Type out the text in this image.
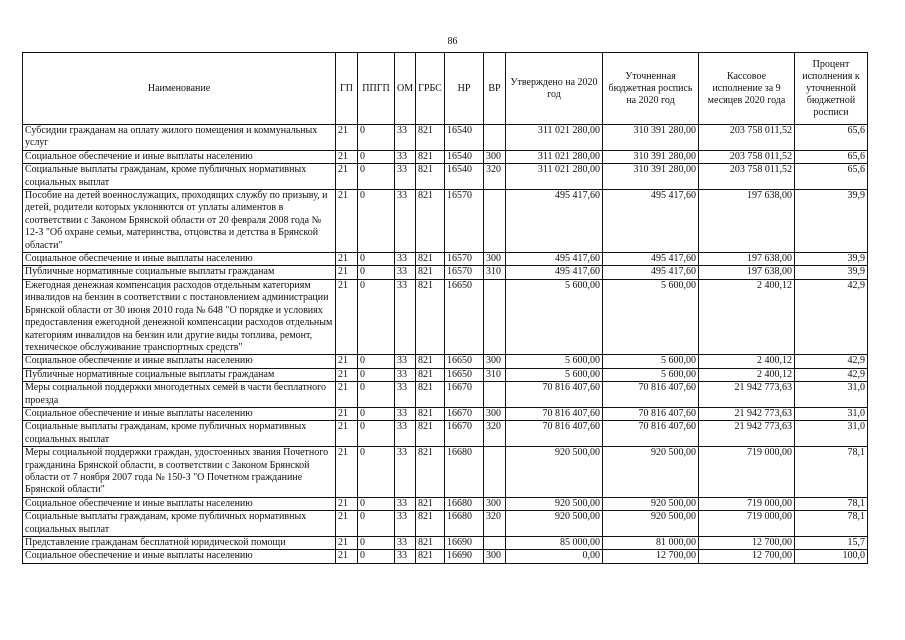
86
Наименование	ГП	ППГП	ОМ	ГРБС	НР	ВР	Утверждено на 2020 год	Уточненная бюджетная роспись на 2020 год	Кассовое исполнение за 9 месяцев 2020 года	Процент исполнения к уточненной бюджетной росписи
Субсидии гражданам на оплату жилого помещения и коммунальных услуг	21	0	33	821	16540		311 021 280,00	310 391 280,00	203 758 011,52	65,6
Социальное обеспечение и иные выплаты населению	21	0	33	821	16540	300	311 021 280,00	310 391 280,00	203 758 011,52	65,6
Социальные выплаты гражданам, кроме публичных нормативных социальных выплат	21	0	33	821	16540	320	311 021 280,00	310 391 280,00	203 758 011,52	65,6
Пособие на детей военнослужащих, проходящих службу по призыву, и детей, родители которых уклоняются от уплаты алиментов в соответствии с Законом Брянской области от 20 февраля 2008 года № 12-З "Об охране семьи, материнства, отцовства и детства в Брянской области"	21	0	33	821	16570		495 417,60	495 417,60	197 638,00	39,9
Социальное обеспечение и иные выплаты населению	21	0	33	821	16570	300	495 417,60	495 417,60	197 638,00	39,9
Публичные нормативные социальные выплаты гражданам	21	0	33	821	16570	310	495 417,60	495 417,60	197 638,00	39,9
Ежегодная денежная компенсация расходов отдельным категориям инвалидов на бензин в соответствии с постановлением администрации Брянской области от 30 июня 2010 года № 648 "О порядке и условиях предоставления ежегодной денежной компенсации расходов отдельным категориям инвалидов на бензин или другие виды топлива, ремонт, техническое обслуживание транспортных средств"	21	0	33	821	16650		5 600,00	5 600,00	2 400,12	42,9
Социальное обеспечение и иные выплаты населению	21	0	33	821	16650	300	5 600,00	5 600,00	2 400,12	42,9
Публичные нормативные социальные выплаты гражданам	21	0	33	821	16650	310	5 600,00	5 600,00	2 400,12	42,9
Меры социальной поддержки многодетных семей в части бесплатного проезда	21	0	33	821	16670		70 816 407,60	70 816 407,60	21 942 773,63	31,0
Социальное обеспечение и иные выплаты населению	21	0	33	821	16670	300	70 816 407,60	70 816 407,60	21 942 773,63	31,0
Социальные выплаты гражданам, кроме публичных нормативных социальных выплат	21	0	33	821	16670	320	70 816 407,60	70 816 407,60	21 942 773,63	31,0
Меры социальной поддержки граждан, удостоенных звания Почетного гражданина Брянской области, в соответствии с Законом Брянской области от 7 ноября 2007 года № 150-З "О Почетном гражданине Брянской области"	21	0	33	821	16680		920 500,00	920 500,00	719 000,00	78,1
Социальное обеспечение и иные выплаты населению	21	0	33	821	16680	300	920 500,00	920 500,00	719 000,00	78,1
Социальные выплаты гражданам, кроме публичных нормативных социальных выплат	21	0	33	821	16680	320	920 500,00	920 500,00	719 000,00	78,1
Представление гражданам бесплатной юридической помощи	21	0	33	821	16690		85 000,00	81 000,00	12 700,00	15,7
Социальное обеспечение и иные выплаты населению	21	0	33	821	16690	300	0,00	12 700,00	12 700,00	100,0
